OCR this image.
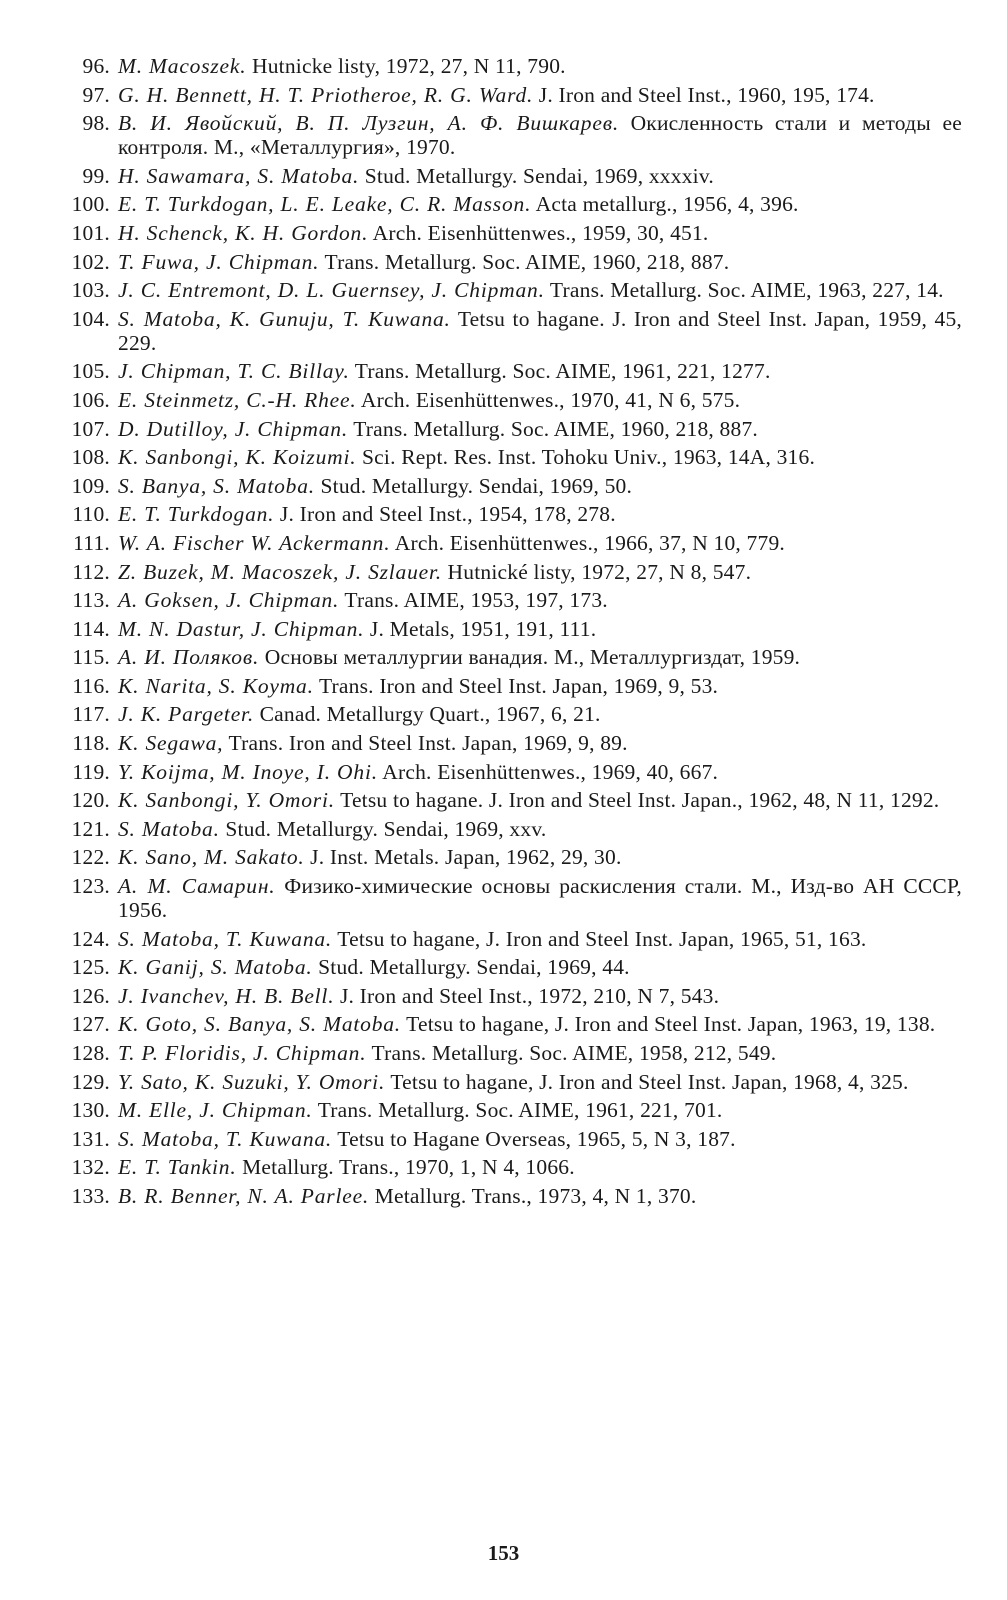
96. M. Macoszek. Hutnicke listy, 1972, 27, N 11, 790.
97. G. H. Bennett, H. T. Priotheroe, R. G. Ward. J. Iron and Steel Inst., 1960, 195, 174.
98. В. И. Явойский, В. П. Лузгин, А. Ф. Вишкарев. Окисленность стали и методы ее контроля. М., «Металлургия», 1970.
99. H. Sawamara, S. Matoba. Stud. Metallurgy. Sendai, 1969, xxxxiv.
100. E. T. Turkdogan, L. E. Leake, C. R. Masson. Acta metallurg., 1956, 4, 396.
101. H. Schenck, K. H. Gordon. Arch. Eisenhüttenwes., 1959, 30, 451.
102. T. Fuwa, J. Chipman. Trans. Metallurg. Soc. AIME, 1960, 218, 887.
103. J. C. Entremont, D. L. Guernsey, J. Chipman. Trans. Metallurg. Soc. AIME, 1963, 227, 14.
104. S. Matoba, K. Gunuju, T. Kuwana. Tetsu to hagane. J. Iron and Steel Inst. Japan, 1959, 45, 229.
105. J. Chipman, T. C. Billay. Trans. Metallurg. Soc. AIME, 1961, 221, 1277.
106. E. Steinmetz, C.-H. Rhee. Arch. Eisenhüttenwes., 1970, 41, N 6, 575.
107. D. Dutilloy, J. Chipman. Trans. Metallurg. Soc. AIME, 1960, 218, 887.
108. K. Sanbongi, K. Koizumi. Sci. Rept. Res. Inst. Tohoku Univ., 1963, 14A, 316.
109. S. Banya, S. Matoba. Stud. Metallurgy. Sendai, 1969, 50.
110. E. T. Turkdogan. J. Iron and Steel Inst., 1954, 178, 278.
111. W. A. Fischer W. Ackermann. Arch. Eisenhüttenwes., 1966, 37, N 10, 779.
112. Z. Buzek, M. Macoszek, J. Szlauer. Hutnické listy, 1972, 27, N 8, 547.
113. A. Goksen, J. Chipman. Trans. AIME, 1953, 197, 173.
114. M. N. Dastur, J. Chipman. J. Metals, 1951, 191, 111.
115. А. И. Поляков. Основы металлургии ванадия. М., Металлургиздат, 1959.
116. K. Narita, S. Koyma. Trans. Iron and Steel Inst. Japan, 1969, 9, 53.
117. J. K. Pargeter. Canad. Metallurgy Quart., 1967, 6, 21.
118. K. Segawa, Trans. Iron and Steel Inst. Japan, 1969, 9, 89.
119. Y. Koijma, M. Inoye, I. Ohi. Arch. Eisenhüttenwes., 1969, 40, 667.
120. K. Sanbongi, Y. Omori. Tetsu to hagane. J. Iron and Steel Inst. Japan., 1962, 48, N 11, 1292.
121. S. Matoba. Stud. Metallurgy. Sendai, 1969, xxv.
122. K. Sano, M. Sakato. J. Inst. Metals. Japan, 1962, 29, 30.
123. А. М. Самарин. Физико-химические основы раскисления стали. М., Изд-во АН СССР, 1956.
124. S. Matoba, T. Kuwana. Tetsu to hagane, J. Iron and Steel Inst. Japan, 1965, 51, 163.
125. K. Ganij, S. Matoba. Stud. Metallurgy. Sendai, 1969, 44.
126. J. Ivanchev, H. B. Bell. J. Iron and Steel Inst., 1972, 210, N 7, 543.
127. K. Goto, S. Banya, S. Matoba. Tetsu to hagane, J. Iron and Steel Inst. Japan, 1963, 19, 138.
128. T. P. Floridis, J. Chipman. Trans. Metallurg. Soc. AIME, 1958, 212, 549.
129. Y. Sato, K. Suzuki, Y. Omori. Tetsu to hagane, J. Iron and Steel Inst. Japan, 1968, 4, 325.
130. M. Elle, J. Chipman. Trans. Metallurg. Soc. AIME, 1961, 221, 701.
131. S. Matoba, T. Kuwana. Tetsu to Hagane Overseas, 1965, 5, N 3, 187.
132. E. T. Tankin. Metallurg. Trans., 1970, 1, N 4, 1066.
133. B. R. Benner, N. A. Parlee. Metallurg. Trans., 1973, 4, N 1, 370.
153
